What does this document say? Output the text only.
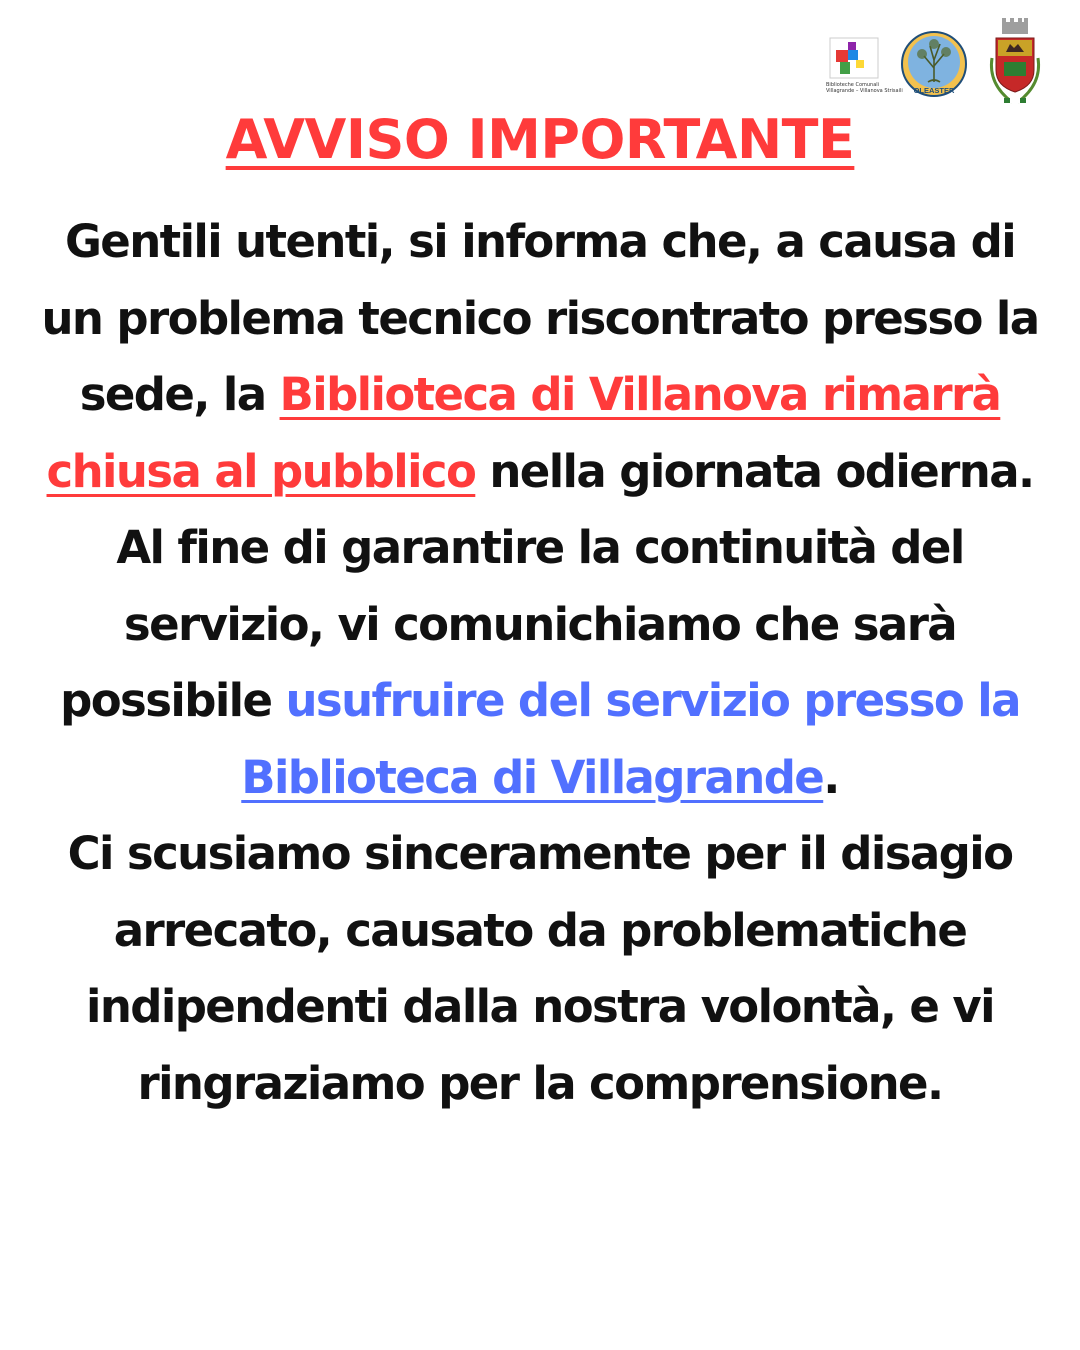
Biblioteche Comunali
Villagrande – Villanova Strisaili OLEASTER
AVVISO IMPORTANTE
Gentili utenti, si informa che, a causa di un problema tecnico riscontrato presso la sede, la Biblioteca di Villanova rimarrà chiusa al pubblico nella giornata odierna.
Al fine di garantire la continuità del servizio, vi comunichiamo che sarà possibile usufruire del servizio presso la Biblioteca di Villagrande.
Ci scusiamo sinceramente per il disagio arrecato, causato da problematiche indipendenti dalla nostra volontà, e vi ringraziamo per la comprensione.
